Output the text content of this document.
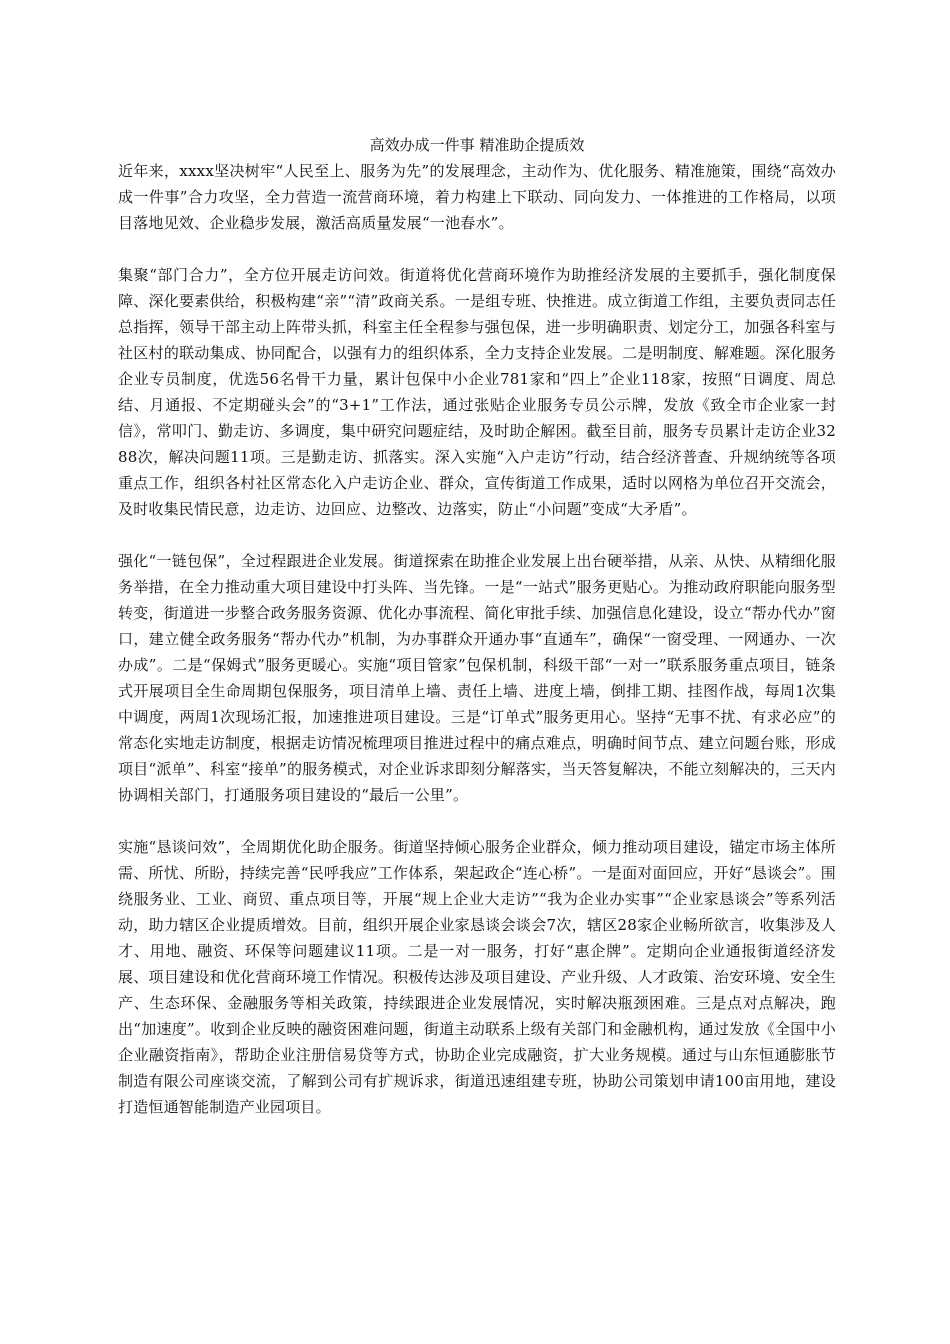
高效办成一件事 精准助企提质效

近年来，xxxx坚决树牢“人民至上、服务为先”的发展理念，主动作为、优化服务、精准施策，围绕“高效办成一件事”合力攻坚，全力营造一流营商环境，着力构建上下联动、同向发力、一体推进的工作格局，以项目落地见效、企业稳步发展，激活高质量发展“一池春水”。

集聚“部门合力”，全方位开展走访问效。街道将优化营商环境作为助推经济发展的主要抓手，强化制度保障、深化要素供给，积极构建“亲”“清”政商关系。一是组专班、快推进。成立街道工作组，主要负责同志任总指挥，领导干部主动上阵带头抓，科室主任全程参与强包保，进一步明确职责、划定分工，加强各科室与社区村的联动集成、协同配合，以强有力的组织体系，全力支持企业发展。二是明制度、解难题。深化服务企业专员制度，优选56名骨干力量，累计包保中小企业781家和“四上”企业118家，按照“日调度、周总结、月通报、不定期碰头会”的“3+1”工作法，通过张贴企业服务专员公示牌，发放《致全市企业家一封信》，常叩门、勤走访、多调度，集中研究问题症结，及时助企解困。截至目前，服务专员累计走访企业3288次，解决问题11项。三是勤走访、抓落实。深入实施“入户走访”行动，结合经济普查、升规纳统等各项重点工作，组织各村社区常态化入户走访企业、群众，宣传街道工作成果，适时以网格为单位召开交流会，及时收集民情民意，边走访、边回应、边整改、边落实，防止“小问题”变成“大矛盾”。

强化“一链包保”，全过程跟进企业发展。街道探索在助推企业发展上出台硬举措，从亲、从快、从精细化服务举措，在全力推动重大项目建设中打头阵、当先锋。一是“一站式”服务更贴心。为推动政府职能向服务型转变，街道进一步整合政务服务资源、优化办事流程、简化审批手续、加强信息化建设，设立“帮办代办”窗口，建立健全政务服务“帮办代办”机制，为办事群众开通办事“直通车”，确保“一窗受理、一网通办、一次办成”。二是“保姆式”服务更暖心。实施“项目管家”包保机制，科级干部“一对一”联系服务重点项目，链条式开展项目全生命周期包保服务，项目清单上墙、责任上墙、进度上墙，倒排工期、挂图作战，每周1次集中调度，两周1次现场汇报，加速推进项目建设。三是“订单式”服务更用心。坚持“无事不扰、有求必应”的常态化实地走访制度，根据走访情况梳理项目推进过程中的痛点难点，明确时间节点、建立问题台账，形成项目“派单”、科室“接单”的服务模式，对企业诉求即刻分解落实，当天答复解决，不能立刻解决的，三天内协调相关部门，打通服务项目建设的“最后一公里”。

实施“恳谈问效”，全周期优化助企服务。街道坚持倾心服务企业群众，倾力推动项目建设，锚定市场主体所需、所忧、所盼，持续完善“民呼我应”工作体系，架起政企“连心桥”。一是面对面回应，开好“恳谈会”。围绕服务业、工业、商贸、重点项目等，开展“规上企业大走访”“我为企业办实事”“企业家恳谈会”等系列活动，助力辖区企业提质增效。目前，组织开展企业家恳谈会谈会7次，辖区28家企业畅所欲言，收集涉及人才、用地、融资、环保等问题建议11项。二是一对一服务，打好“惠企牌”。定期向企业通报街道经济发展、项目建设和优化营商环境工作情况。积极传达涉及项目建设、产业升级、人才政策、治安环境、安全生产、生态环保、金融服务等相关政策，持续跟进企业发展情况，实时解决瓶颈困难。三是点对点解决，跑出“加速度”。收到企业反映的融资困难问题，街道主动联系上级有关部门和金融机构，通过发放《全国中小企业融资指南》，帮助企业注册信易贷等方式，协助企业完成融资，扩大业务规模。通过与山东恒通膨胀节制造有限公司座谈交流，了解到公司有扩规诉求，街道迅速组建专班，协助公司策划申请100亩用地，建设打造恒通智能制造产业园项目。
